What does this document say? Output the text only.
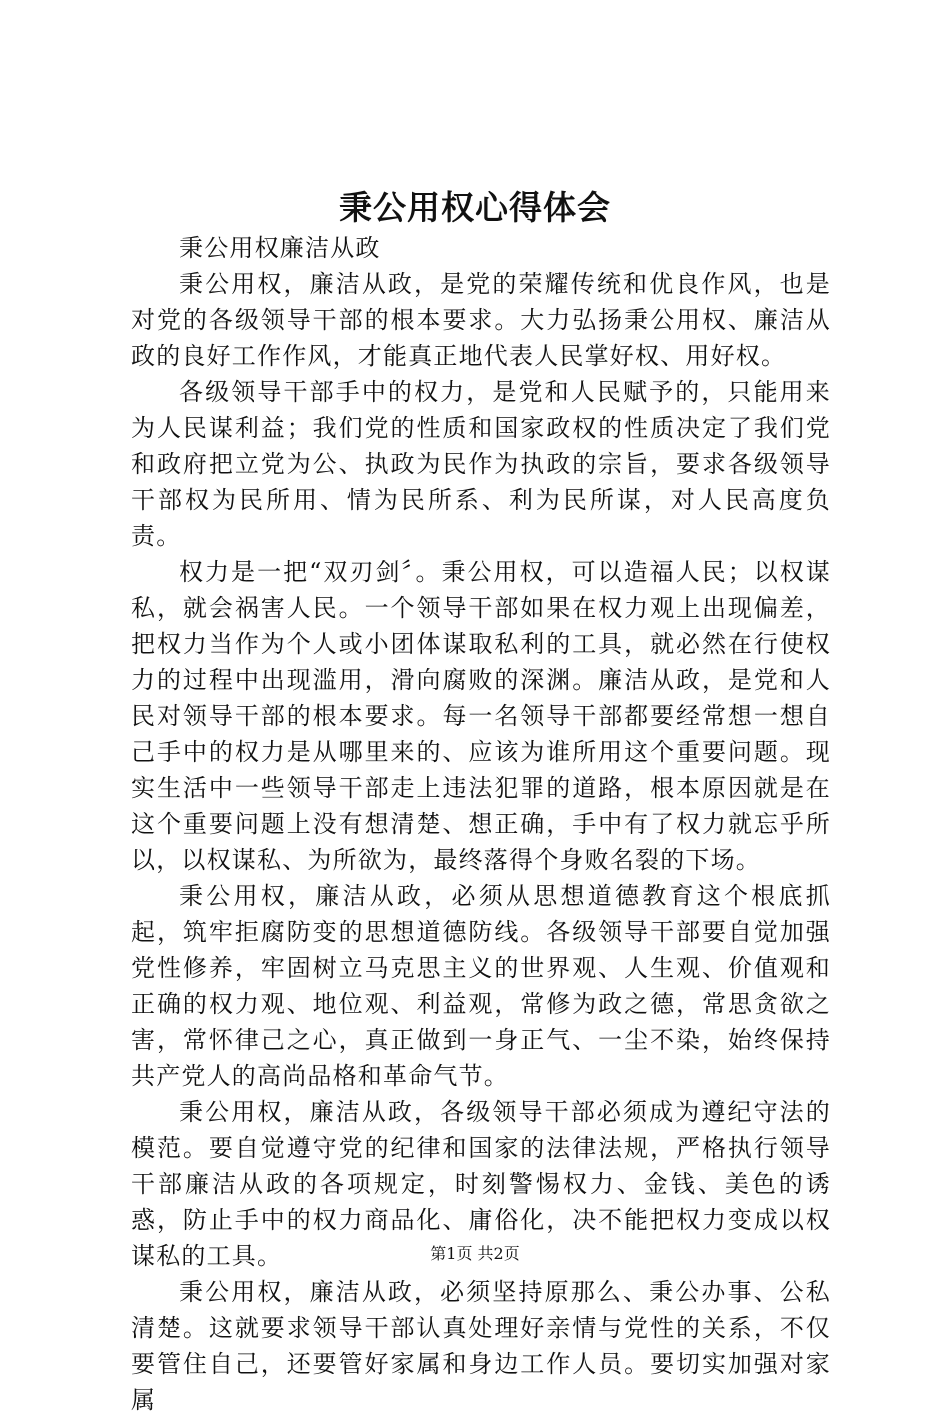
秉公用权心得体会

秉公用权廉洁从政

秉公用权，廉洁从政，是党的荣耀传统和优良作风，也是对党的各级领导干部的根本要求。大力弘扬秉公用权、廉洁从政的良好工作作风，才能真正地代表人民掌好权、用好权。

各级领导干部手中的权力，是党和人民赋予的，只能用来为人民谋利益；我们党的性质和国家政权的性质决定了我们党和政府把立党为公、执政为民作为执政的宗旨，要求各级领导干部权为民所用、情为民所系、利为民所谋，对人民高度负责。

权力是一把“双刃剑〞。秉公用权，可以造福人民；以权谋私，就会祸害人民。一个领导干部如果在权力观上出现偏差，把权力当作为个人或小团体谋取私利的工具，就必然在行使权力的过程中出现滥用，滑向腐败的深渊。廉洁从政，是党和人民对领导干部的根本要求。每一名领导干部都要经常想一想自己手中的权力是从哪里来的、应该为谁所用这个重要问题。现实生活中一些领导干部走上违法犯罪的道路，根本原因就是在这个重要问题上没有想清楚、想正确，手中有了权力就忘乎所以，以权谋私、为所欲为，最终落得个身败名裂的下场。

秉公用权，廉洁从政，必须从思想道德教育这个根底抓起，筑牢拒腐防变的思想道德防线。各级领导干部要自觉加强党性修养，牢固树立马克思主义的世界观、人生观、价值观和正确的权力观、地位观、利益观，常修为政之德，常思贪欲之害，常怀律己之心，真正做到一身正气、一尘不染，始终保持共产党人的高尚品格和革命气节。

秉公用权，廉洁从政，各级领导干部必须成为遵纪守法的模范。要自觉遵守党的纪律和国家的法律法规，严格执行领导干部廉洁从政的各项规定，时刻警惕权力、金钱、美色的诱惑，防止手中的权力商品化、庸俗化，决不能把权力变成以权谋私的工具。

秉公用权，廉洁从政，必须坚持原那么、秉公办事、公私清楚。这就要求领导干部认真处理好亲情与党性的关系，不仅要管住自己，还要管好家属和身边工作人员。要切实加强对家属

第1页 共2页
